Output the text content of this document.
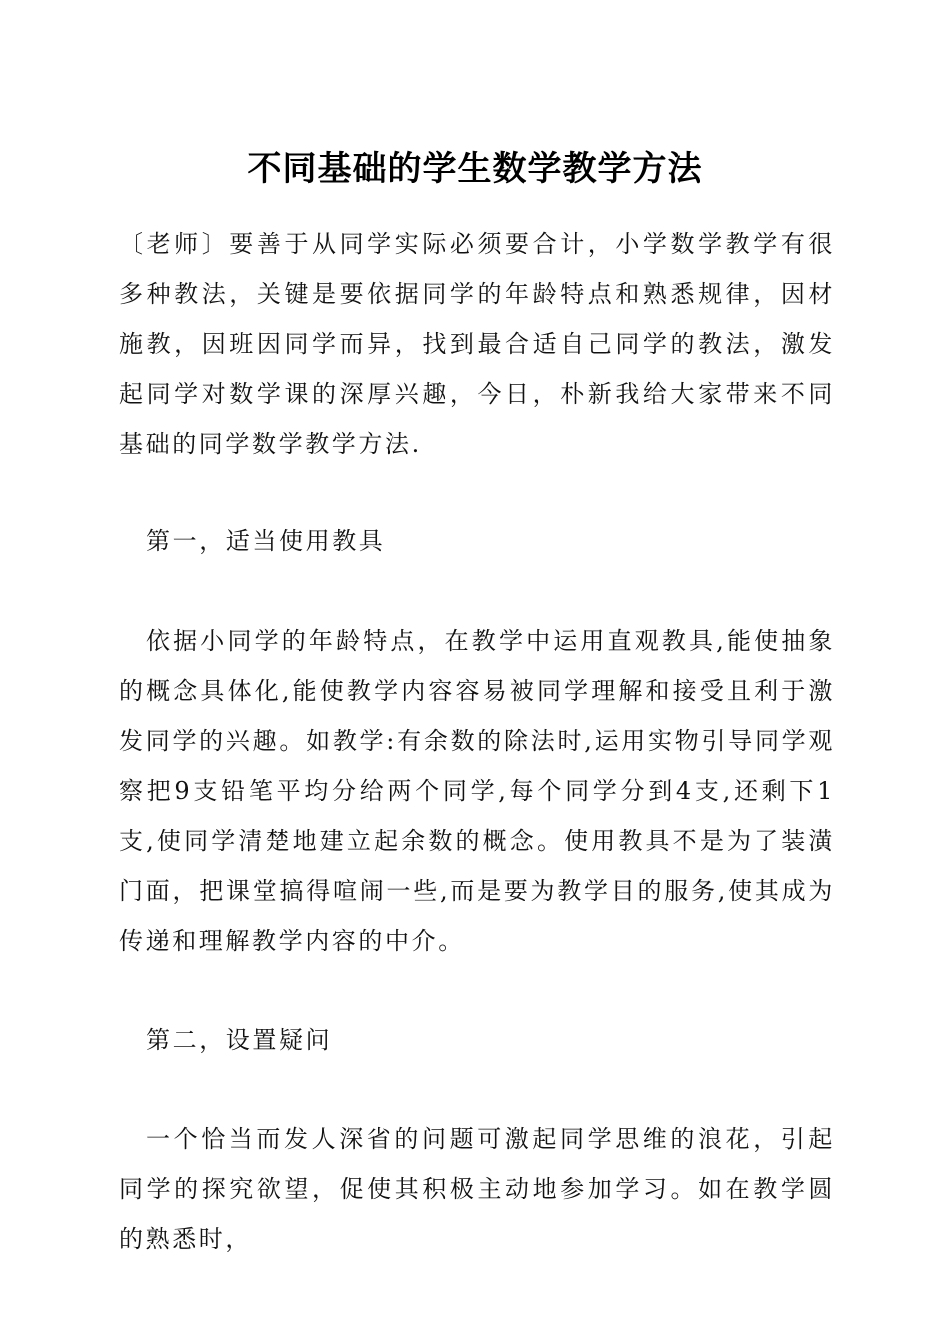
不同基础的学生数学教学方法

〔老师〕要善于从同学实际必须要合计，小学数学教学有很多种教法，关键是要依据同学的年龄特点和熟悉规律，因材施教，因班因同学而异，找到最合适自己同学的教法，激发起同学对数学课的深厚兴趣，今日，朴新我给大家带来不同基础的同学数学教学方法.

第一，适当使用教具

依据小同学的年龄特点，在教学中运用直观教具,能使抽象的概念具体化,能使教学内容容易被同学理解和接受且利于激发同学的兴趣。如教学:有余数的除法时,运用实物引导同学观察把9支铅笔平均分给两个同学,每个同学分到4支,还剩下1支,使同学清楚地建立起余数的概念。使用教具不是为了装潢门面，把课堂搞得喧闹一些,而是要为教学目的服务,使其成为传递和理解教学内容的中介。

第二，设置疑问

一个恰当而发人深省的问题可激起同学思维的浪花，引起同学的探究欲望，促使其积极主动地参加学习。如在教学圆的熟悉时，
